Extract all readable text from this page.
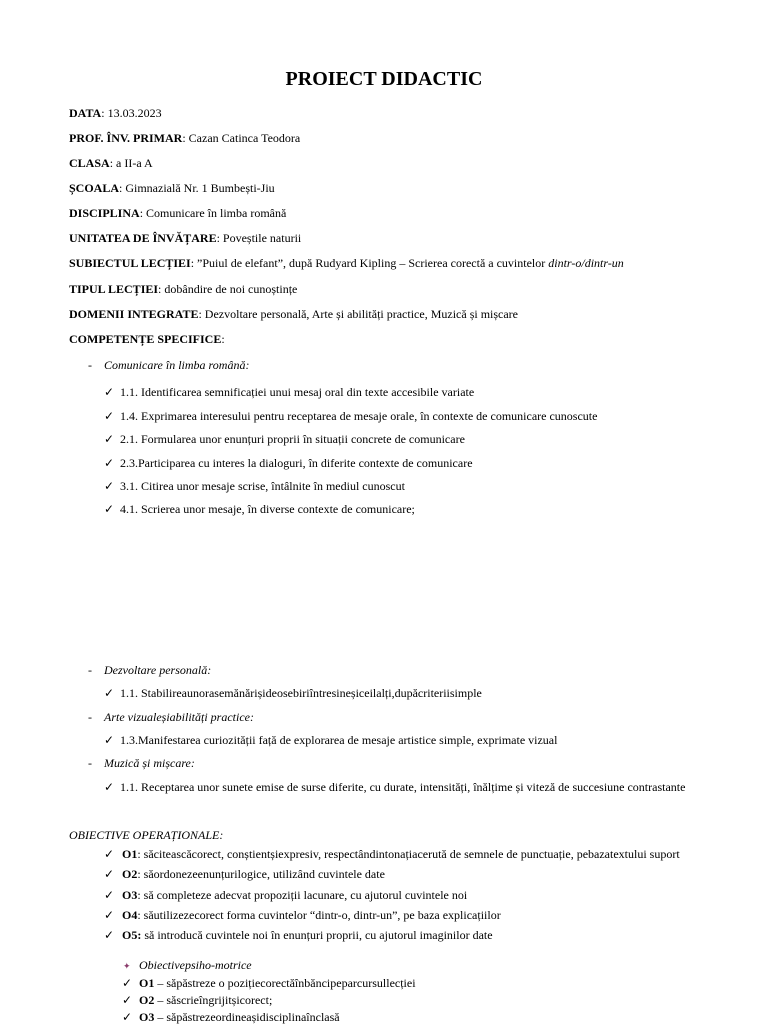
PROIECT DIDACTIC
DATA: 13.03.2023
PROF. ÎNV. PRIMAR: Cazan Catinca Teodora
CLASA: a II-a A
ȘCOALA: Gimnazială Nr. 1 Bumbești-Jiu
DISCIPLINA: Comunicare în limba română
UNITATEA DE ÎNVĂȚARE: Poveștile naturii
SUBIECTUL LECȚIEI: ”Puiul de elefant”, după Rudyard Kipling – Scrierea corectă a cuvintelor dintr-o/dintr-un
TIPUL LECȚIEI: dobândire de noi cunoștințe
DOMENII INTEGRATE: Dezvoltare personală, Arte și abilități practice, Muzică și mișcare
COMPETENȚE SPECIFICE:
- Comunicare în limba română:
✓ 1.1. Identificarea semnificației unui mesaj oral din texte accesibile variate
✓ 1.4. Exprimarea interesului pentru receptarea de mesaje orale, în contexte de comunicare cunoscute
✓ 2.1. Formularea unor enunțuri proprii în situații concrete de comunicare
✓ 2.3.Participarea cu interes la dialoguri, în diferite contexte de comunicare
✓ 3.1. Citirea unor mesaje scrise, întâlnite în mediul cunoscut
✓ 4.1. Scrierea unor mesaje, în diverse contexte de comunicare;
- Dezvoltare personală:
✓ 1.1. Stabilireaunorasemănărișideosebiriîntresineșiceilalți,dupăcriteriisimple
- Arte vizualeșiabilități practice:
✓ 1.3.Manifestarea curiozității față de explorarea de mesaje artistice simple, exprimate vizual
- Muzică și mișcare:
✓ 1.1. Receptarea unor sunete emise de surse diferite, cu durate, intensități, înălțime și viteză de succesiune contrastante
OBIECTIVE OPERAȚIONALE:
✓ O1: săciteascăcorect, conștientșiexpresiv, respectândintonațiacerută de semnele de punctuație, pebazatextului suport
✓ O2: săordonezeenunțurilogice, utilizând cuvintele date
✓ O3: să completeze adecvat propoziții lacunare, cu ajutorul cuvintele noi
✓ O4: săutilizezecorect forma cuvintelor “dintr-o, dintr-un”, pe baza explicațiilor
✓ O5: să introducă cuvintele noi în enunțuri proprii, cu ajutorul imaginilor date
✦ Obiectivepsiho-motrice
✓ O1 – săpăstreze o pozițiecorectăînbăncipeparcursullecției
✓ O2 – săscrieîngrijitșicorect;
✓ O3 – săpăstrezeordineașidisciplinaînclasă
